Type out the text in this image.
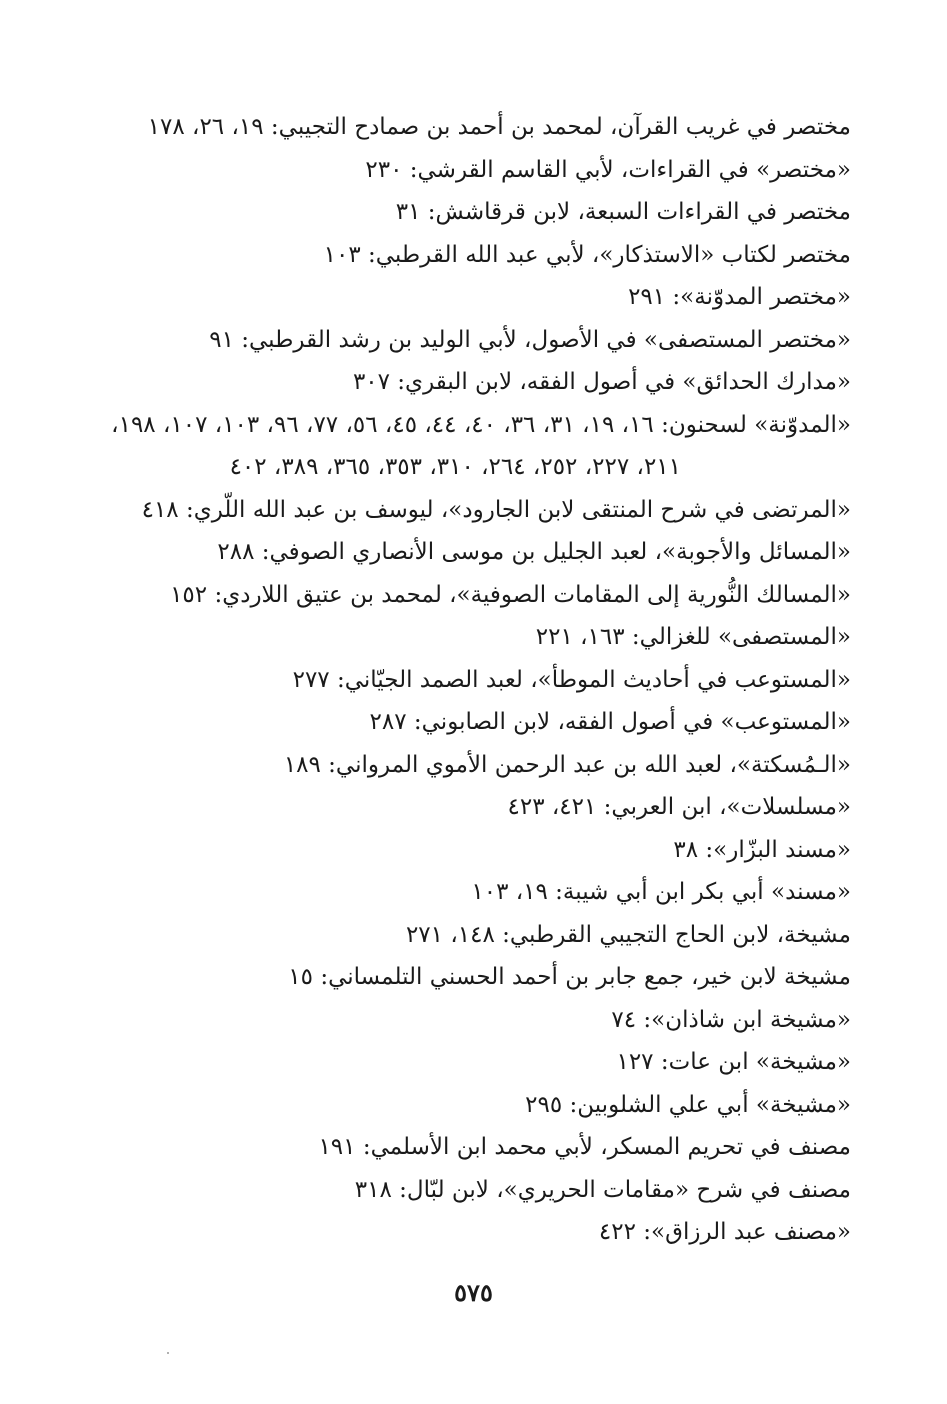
مختصر في غريب القرآن، لمحمد بن أحمد بن صمادح التجيبي: ١٩، ٢٦، ١٧٨
«مختصر» في القراءات، لأبي القاسم القرشي: ٢٣٠
مختصر في القراءات السبعة، لابن قرقاشش: ٣١
مختصر لكتاب «الاستذكار»، لأبي عبد الله القرطبي: ١٠٣
«مختصر المدوّنة»: ٢٩١
«مختصر المستصفى» في الأصول، لأبي الوليد بن رشد القرطبي: ٩١
«مدارك الحدائق» في أصول الفقه، لابن البقري: ٣٠٧
«المدوّنة» لسحنون: ١٦، ١٩، ٣١، ٣٦، ٤٠، ٤٤، ٤٥، ٥٦، ٧٧، ٩٦، ١٠٣، ١٠٧، ١٩٨،
٢١١، ٢٢٧، ٢٥٢، ٢٦٤، ٣١٠، ٣٥٣، ٣٦٥، ٣٨٩، ٤٠٢
«المرتضى في شرح المنتقى لابن الجارود»، ليوسف بن عبد الله اللّري: ٤١٨
«المسائل والأجوبة»، لعبد الجليل بن موسى الأنصاري الصوفي: ٢٨٨
«المسالك النُّورية إلى المقامات الصوفية»، لمحمد بن عتيق اللاردي: ١٥٢
«المستصفى» للغزالي: ١٦٣، ٢٢١
«المستوعب في أحاديث الموطأ»، لعبد الصمد الجيّاني: ٢٧٧
«المستوعب» في أصول الفقه، لابن الصابوني: ٢٨٧
«الـمُسكتة»، لعبد الله بن عبد الرحمن الأموي المرواني: ١٨٩
«مسلسلات»، ابن العربي: ٤٢١، ٤٢٣
«مسند البزّار»: ٣٨
«مسند» أبي بكر ابن أبي شيبة: ١٩، ١٠٣
مشيخة، لابن الحاج التجيبي القرطبي: ١٤٨، ٢٧١
مشيخة لابن خير، جمع جابر بن أحمد الحسني التلمساني: ١٥
«مشيخة ابن شاذان»: ٧٤
«مشيخة» ابن عات: ١٢٧
«مشيخة» أبي علي الشلوبين: ٢٩٥
مصنف في تحريم المسكر، لأبي محمد ابن الأسلمي: ١٩١
مصنف في شرح «مقامات الحريري»، لابن لبّال: ٣١٨
«مصنف عبد الرزاق»: ٤٢٢
٥٧٥
